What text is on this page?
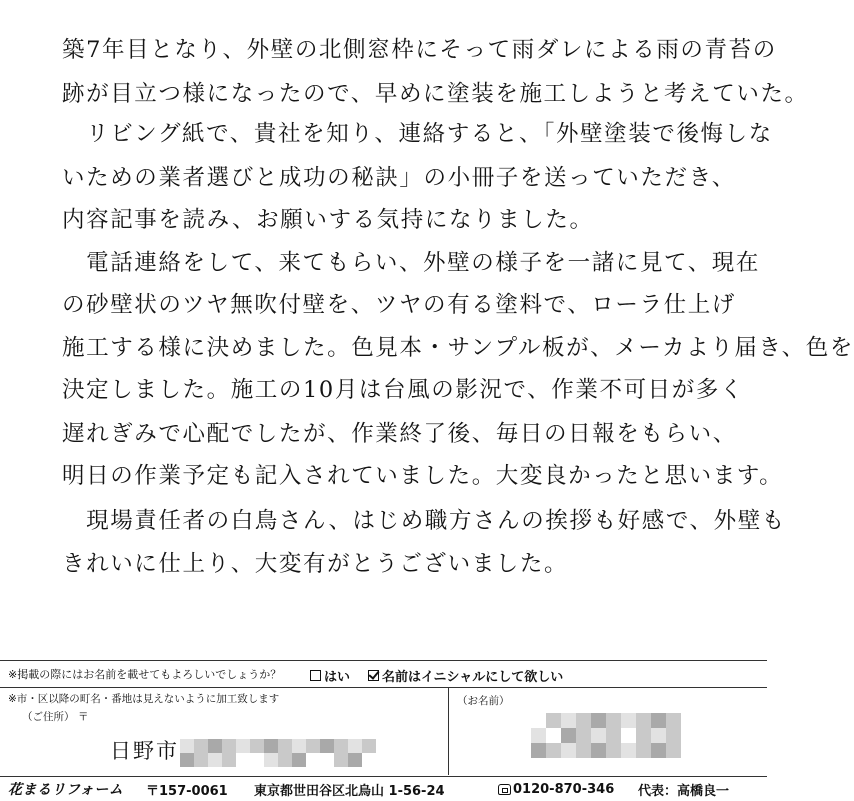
築7年目となり、外壁の北側窓枠にそって雨ダレによる雨の青苔の
跡が目立つ様になったので、早めに塗装を施工しようと考えていた。
　リビング紙で、貴社を知り、連絡すると、「外壁塗装で後悔しな
いための業者選びと成功の秘訣」の小冊子を送っていただき、
内容記事を読み、お願いする気持になりました。
　電話連絡をして、来てもらい、外壁の様子を一諸に見て、現在
の砂壁状のツヤ無吹付壁を、ツヤの有る塗料で、ローラ仕上げ
施工する様に決めました。色見本・サンプル板が、メーカより届き、色を
決定しました。施工の10月は台風の影況で、作業不可日が多く
遅れぎみで心配でしたが、作業終了後、毎日の日報をもらい、
明日の作業予定も記入されていました。大変良かったと思います。
　現場責任者の白鳥さん、はじめ職方さんの挨拶も好感で、外壁も
きれいに仕上り、大変有がとうございました。
※掲載の際にはお名前を載せてもよろしいでしょうか？	はい 名前はイニシャルにして欲しい
※市・区以降の町名・番地は見えないように加工致します
（ご住所） 〒
日野市
（お名前）
花まるリフォーム	〒157-0061	東京都世田谷区北烏山 1-56-24	0120-870-346 代表：高橋良一
